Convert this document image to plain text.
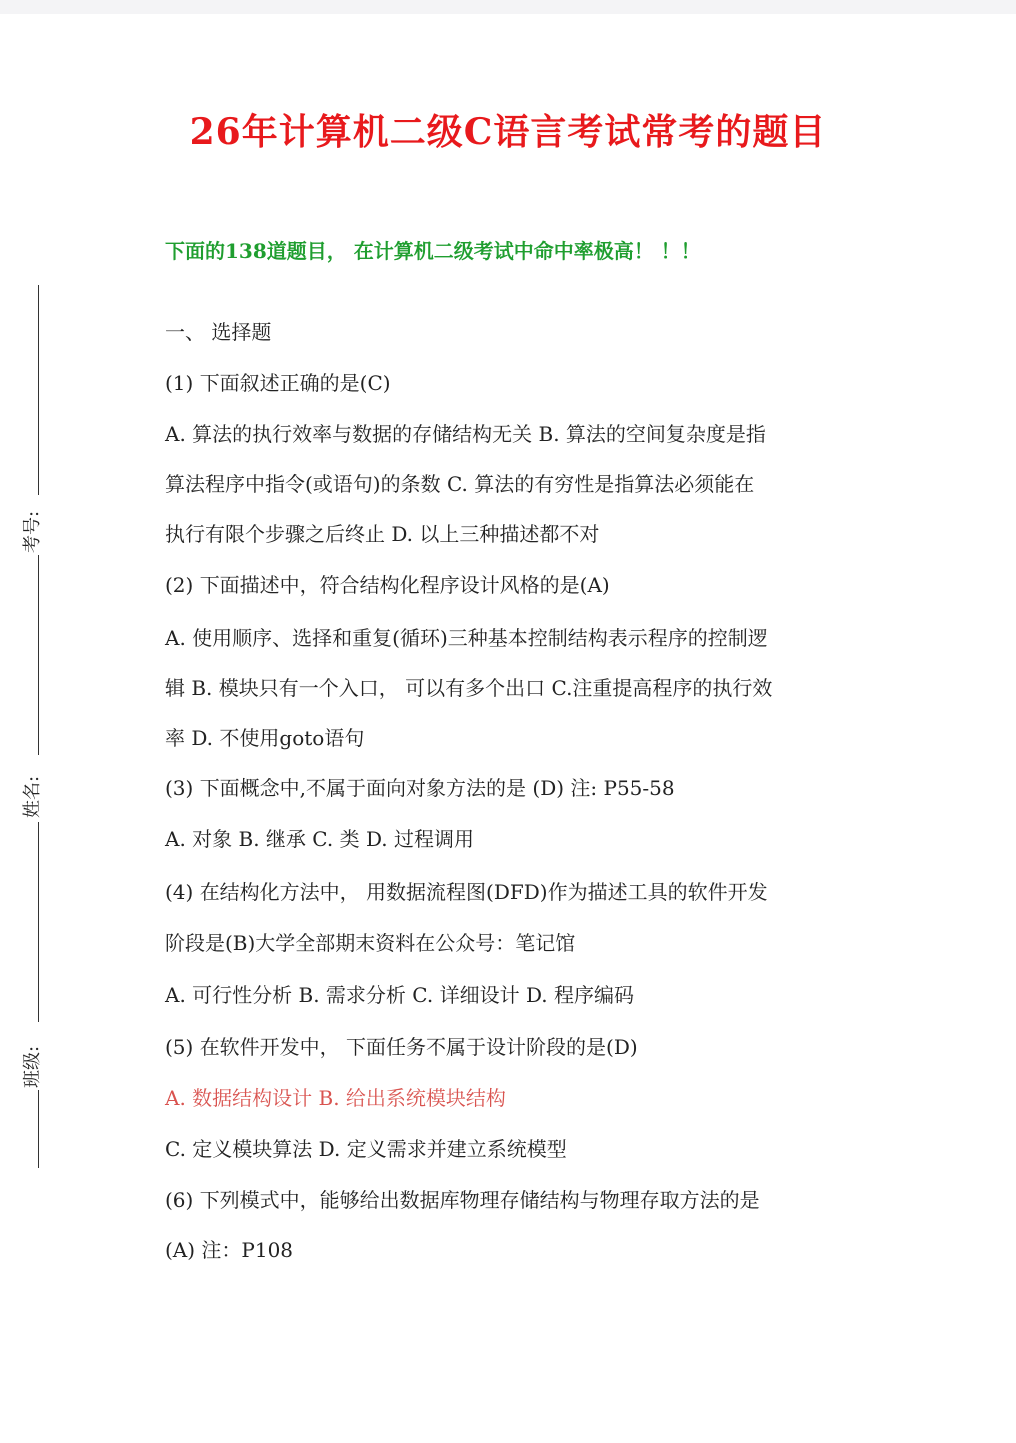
考号:
姓名:
班级:
26年计算机二级C语言考试常考的题目
下面的138道题目， 在计算机二级考试中命中率极高！ ！！
一、 选择题
(1) 下面叙述正确的是(C)
A. 算法的执行效率与数据的存储结构无关 B. 算法的空间复杂度是指
算法程序中指令(或语句)的条数 C. 算法的有穷性是指算法必须能在
执行有限个步骤之后终止 D. 以上三种描述都不对
(2) 下面描述中，符合结构化程序设计风格的是(A)
A. 使用顺序、选择和重复(循环)三种基本控制结构表示程序的控制逻
辑 B. 模块只有一个入口， 可以有多个出口 C.注重提高程序的执行效
率 D. 不使用goto语句
(3) 下面概念中,不属于面向对象方法的是 (D) 注: P55-58
A. 对象 B. 继承 C. 类 D. 过程调用
(4) 在结构化方法中， 用数据流程图(DFD)作为描述工具的软件开发
阶段是(B)大学全部期末资料在公众号：笔记馆
A. 可行性分析 B. 需求分析 C. 详细设计 D. 程序编码
(5) 在软件开发中， 下面任务不属于设计阶段的是(D)
A. 数据结构设计 B. 给出系统模块结构
C. 定义模块算法 D. 定义需求并建立系统模型
(6) 下列模式中，能够给出数据库物理存储结构与物理存取方法的是
(A) 注：P108
